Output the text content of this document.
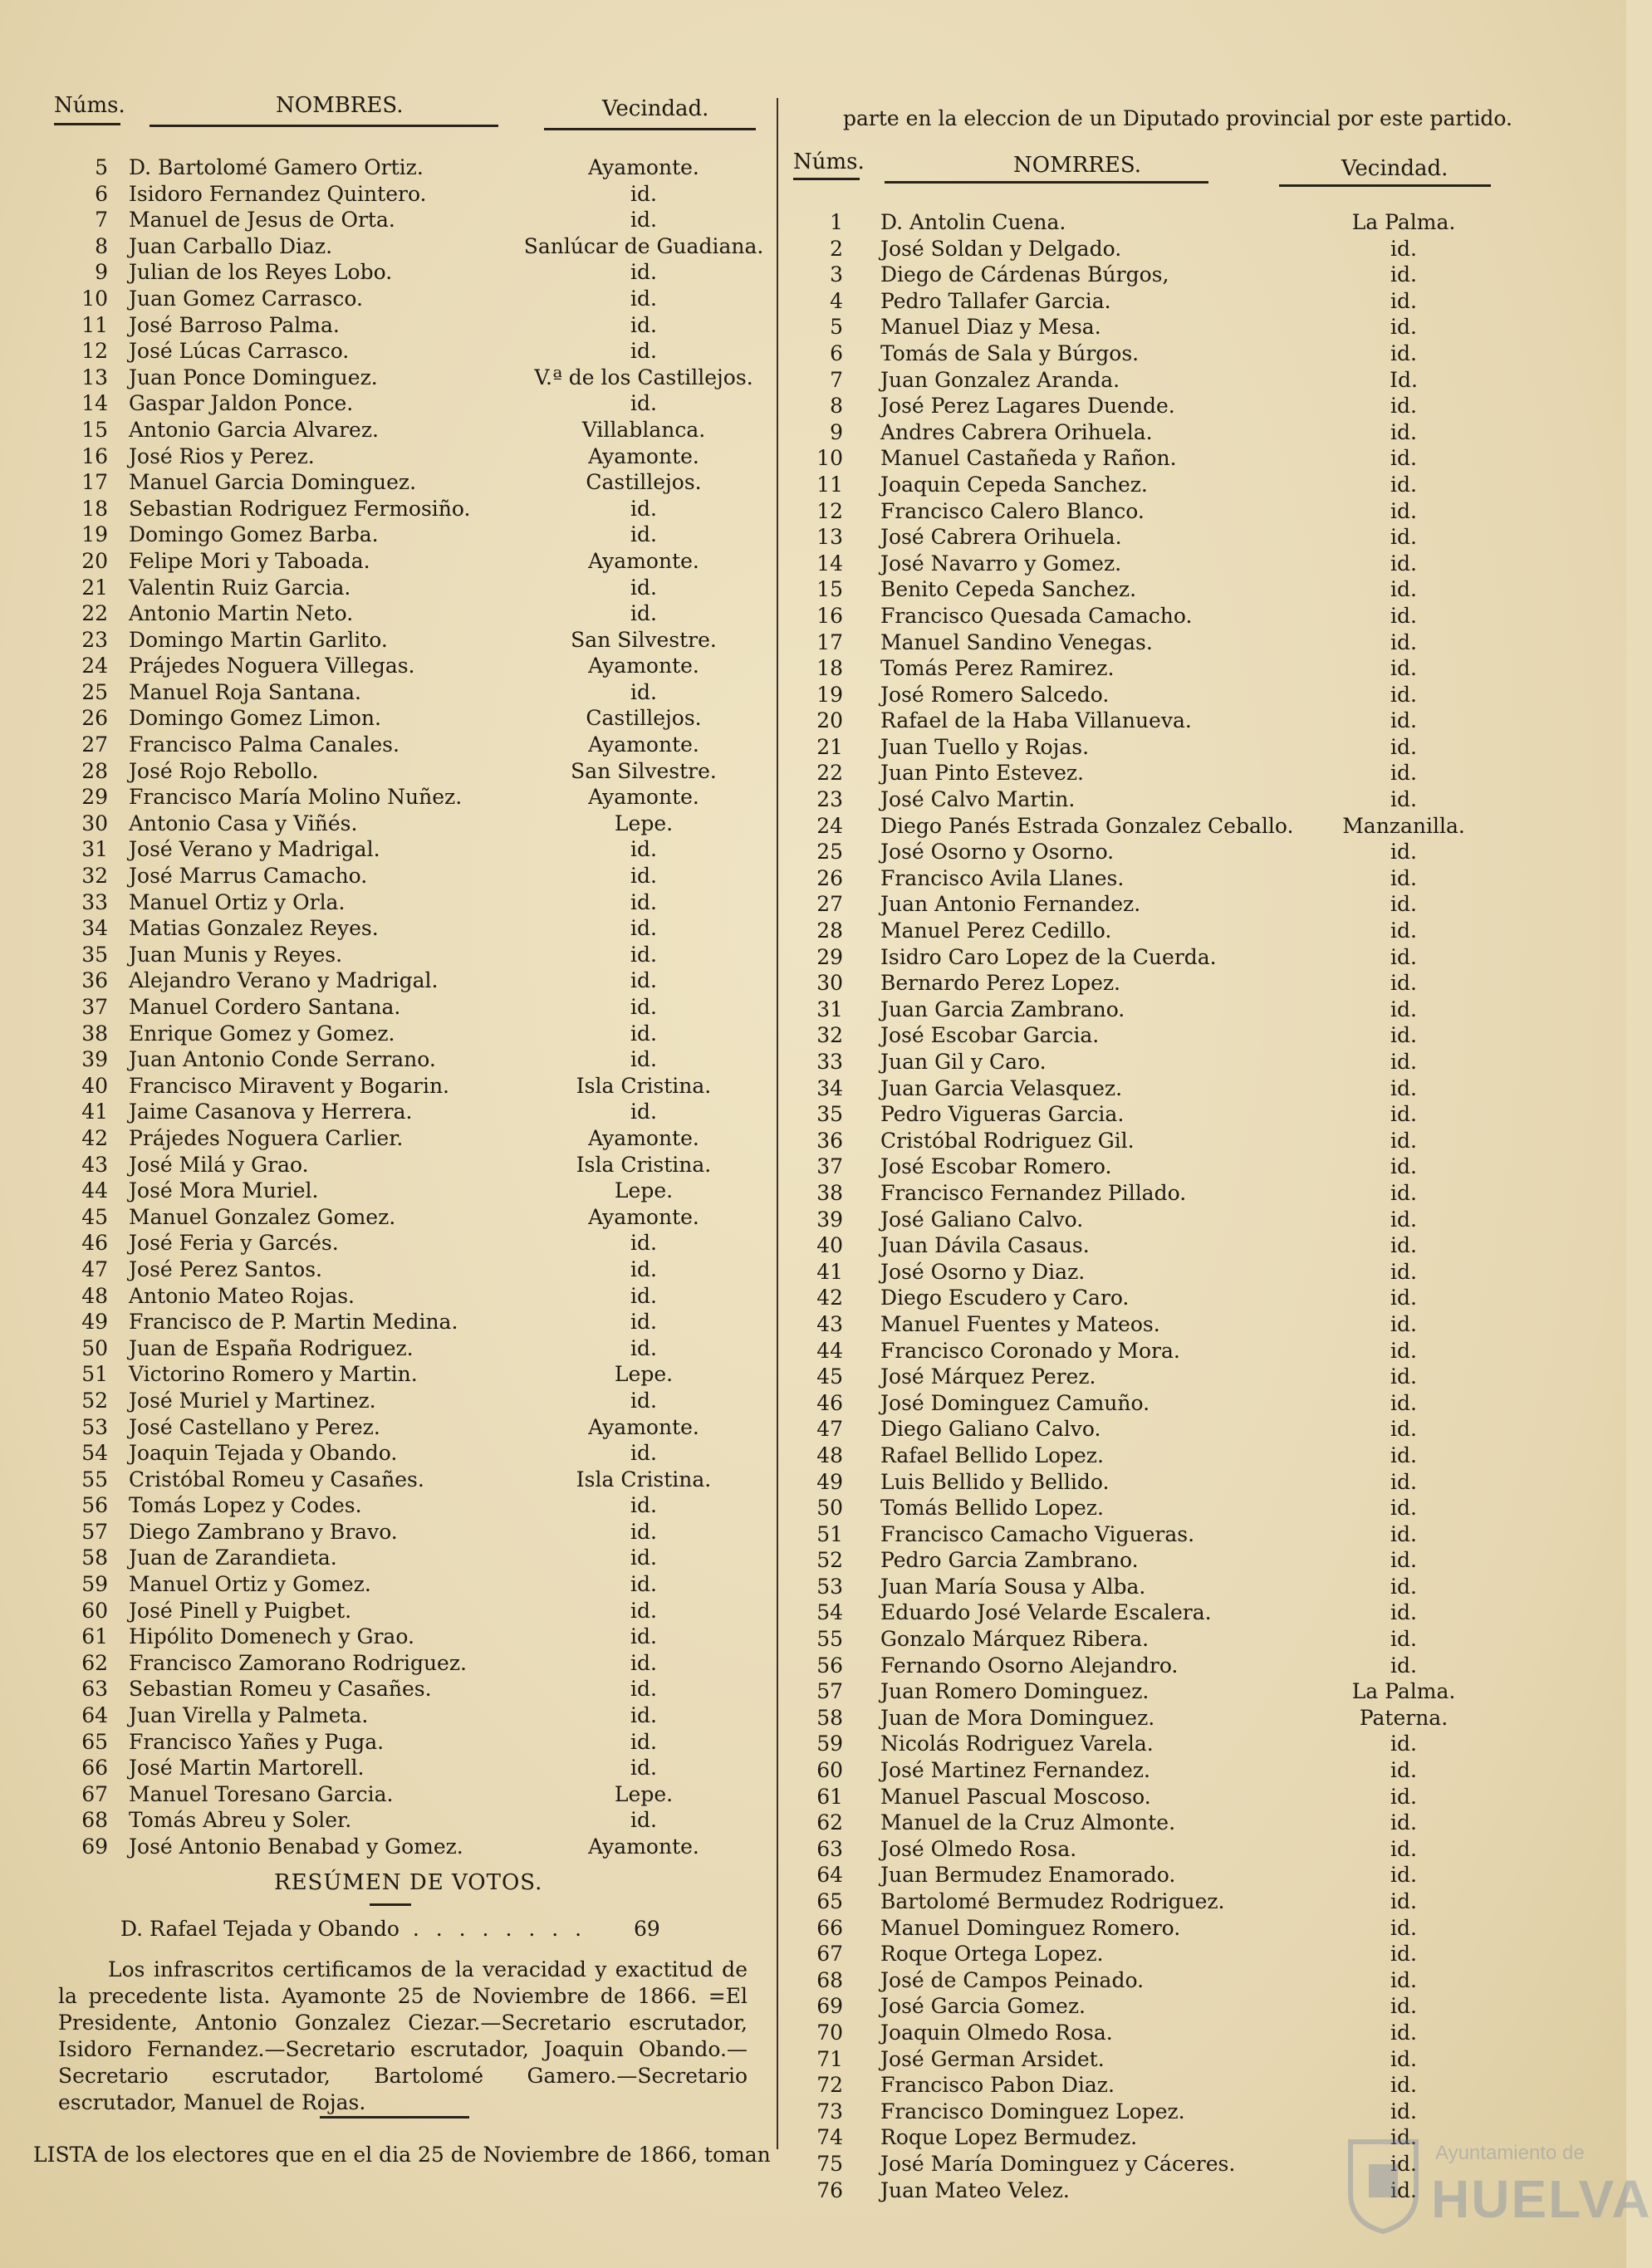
Núms.	NOMBRES.	Vecindad.
5 D. Bartolomé Gamero Ortiz.	Ayamonte.
6 Isidoro Fernandez Quintero.	id.
7 Manuel de Jesus de Orta.	id.
8 Juan Carballo Diaz.	Sanlúcar de Guadiana.
9 Julian de los Reyes Lobo.	id.
10 Juan Gomez Carrasco.	id.
11 José Barroso Palma.	id.
12 José Lúcas Carrasco.	id.
13 Juan Ponce Dominguez.	V.ª de los Castillejos.
14 Gaspar Jaldon Ponce.	id.
15 Antonio Garcia Alvarez.	Villablanca.
16 José Rios y Perez.	Ayamonte.
17 Manuel Garcia Dominguez.	Castillejos.
18 Sebastian Rodriguez Fermosiño.	id.
19 Domingo Gomez Barba.	id.
20 Felipe Mori y Taboada.	Ayamonte.
21 Valentin Ruiz Garcia.	id.
22 Antonio Martin Neto.	id.
23 Domingo Martin Garlito.	San Silvestre.
24 Prájedes Noguera Villegas.	Ayamonte.
25 Manuel Roja Santana.	id.
26 Domingo Gomez Limon.	Castillejos.
27 Francisco Palma Canales.	Ayamonte.
28 José Rojo Rebollo.	San Silvestre.
29 Francisco María Molino Nuñez.	Ayamonte.
30 Antonio Casa y Viñés.	Lepe.
31 José Verano y Madrigal.	id.
32 José Marrus Camacho.	id.
33 Manuel Ortiz y Orla.	id.
34 Matias Gonzalez Reyes.	id.
35 Juan Munis y Reyes.	id.
36 Alejandro Verano y Madrigal.	id.
37 Manuel Cordero Santana.	id.
38 Enrique Gomez y Gomez.	id.
39 Juan Antonio Conde Serrano.	id.
40 Francisco Miravent y Bogarin.	Isla Cristina.
41 Jaime Casanova y Herrera.	id.
42 Prájedes Noguera Carlier.	Ayamonte.
43 José Milá y Grao.	Isla Cristina.
44 José Mora Muriel.	Lepe.
45 Manuel Gonzalez Gomez.	Ayamonte.
46 José Feria y Garcés.	id.
47 José Perez Santos.	id.
48 Antonio Mateo Rojas.	id.
49 Francisco de P. Martin Medina.	id.
50 Juan de España Rodriguez.	id.
51 Victorino Romero y Martin.	Lepe.
52 José Muriel y Martinez.	id.
53 José Castellano y Perez.	Ayamonte.
54 Joaquin Tejada y Obando.	id.
55 Cristóbal Romeu y Casañes.	Isla Cristina.
56 Tomás Lopez y Codes.	id.
57 Diego Zambrano y Bravo.	id.
58 Juan de Zarandieta.	id.
59 Manuel Ortiz y Gomez.	id.
60 José Pinell y Puigbet.	id.
61 Hipólito Domenech y Grao.	id.
62 Francisco Zamorano Rodriguez.	id.
63 Sebastian Romeu y Casañes.	id.
64 Juan Virella y Palmeta.	id.
65 Francisco Yañes y Puga.	id.
66 José Martin Martorell.	id.
67 Manuel Toresano Garcia.	Lepe.
68 Tomás Abreu y Soler.	id.
69 José Antonio Benabad y Gomez.	Ayamonte.
RESÚMEN DE VOTOS.
D. Rafael Tejada y Obando . . . . . . . . 69
Los infrascritos certificamos de la veracidad y exactitud de la precedente lista. Ayamonte 25 de Noviembre de 1866. =El Presidente, Antonio Gonzalez Ciezar.—Secretario escrutador, Isidoro Fernandez.—Secretario escrutador, Joaquin Obando.—Secretario escrutador, Bartolomé Gamero.—Secretario escrutador, Manuel de Rojas.
LISTA de los electores que en el dia 25 de Noviembre de 1866, toman
parte en la eleccion de un Diputado provincial por este partido.
Núms.	NOMRRES.	Vecindad.
1 D. Antolin Cuena.	La Palma.
2 José Soldan y Delgado.	id.
3 Diego de Cárdenas Búrgos,	id.
4 Pedro Tallafer Garcia.	id.
5 Manuel Diaz y Mesa.	id.
6 Tomás de Sala y Búrgos.	id.
7 Juan Gonzalez Aranda.	Id.
8 José Perez Lagares Duende.	id.
9 Andres Cabrera Orihuela.	id.
10 Manuel Castañeda y Rañon.	id.
11 Joaquin Cepeda Sanchez.	id.
12 Francisco Calero Blanco.	id.
13 José Cabrera Orihuela.	id.
14 José Navarro y Gomez.	id.
15 Benito Cepeda Sanchez.	id.
16 Francisco Quesada Camacho.	id.
17 Manuel Sandino Venegas.	id.
18 Tomás Perez Ramirez.	id.
19 José Romero Salcedo.	id.
20 Rafael de la Haba Villanueva.	id.
21 Juan Tuello y Rojas.	id.
22 Juan Pinto Estevez.	id.
23 José Calvo Martin.	id.
24 Diego Panés Estrada Gonzalez Ceballo.	Manzanilla.
25 José Osorno y Osorno.	id.
26 Francisco Avila Llanes.	id.
27 Juan Antonio Fernandez.	id.
28 Manuel Perez Cedillo.	id.
29 Isidro Caro Lopez de la Cuerda.	id.
30 Bernardo Perez Lopez.	id.
31 Juan Garcia Zambrano.	id.
32 José Escobar Garcia.	id.
33 Juan Gil y Caro.	id.
34 Juan Garcia Velasquez.	id.
35 Pedro Vigueras Garcia.	id.
36 Cristóbal Rodriguez Gil.	id.
37 José Escobar Romero.	id.
38 Francisco Fernandez Pillado.	id.
39 José Galiano Calvo.	id.
40 Juan Dávila Casaus.	id.
41 José Osorno y Diaz.	id.
42 Diego Escudero y Caro.	id.
43 Manuel Fuentes y Mateos.	id.
44 Francisco Coronado y Mora.	id.
45 José Márquez Perez.	id.
46 José Dominguez Camuño.	id.
47 Diego Galiano Calvo.	id.
48 Rafael Bellido Lopez.	id.
49 Luis Bellido y Bellido.	id.
50 Tomás Bellido Lopez.	id.
51 Francisco Camacho Vigueras.	id.
52 Pedro Garcia Zambrano.	id.
53 Juan María Sousa y Alba.	id.
54 Eduardo José Velarde Escalera.	id.
55 Gonzalo Márquez Ribera.	id.
56 Fernando Osorno Alejandro.	id.
57 Juan Romero Dominguez.	La Palma.
58 Juan de Mora Dominguez.	Paterna.
59 Nicolás Rodriguez Varela.	id.
60 José Martinez Fernandez.	id.
61 Manuel Pascual Moscoso.	id.
62 Manuel de la Cruz Almonte.	id.
63 José Olmedo Rosa.	id.
64 Juan Bermudez Enamorado.	id.
65 Bartolomé Bermudez Rodriguez.	id.
66 Manuel Dominguez Romero.	id.
67 Roque Ortega Lopez.	id.
68 José de Campos Peinado.	id.
69 José Garcia Gomez.	id.
70 Joaquin Olmedo Rosa.	id.
71 José German Arsidet.	id.
72 Francisco Pabon Diaz.	id.
73 Francisco Dominguez Lopez.	id.
74 Roque Lopez Bermudez.	id.
75 José María Dominguez y Cáceres.	id.
76 Juan Mateo Velez.	id.
Ayuntamiento de
HUELVA
